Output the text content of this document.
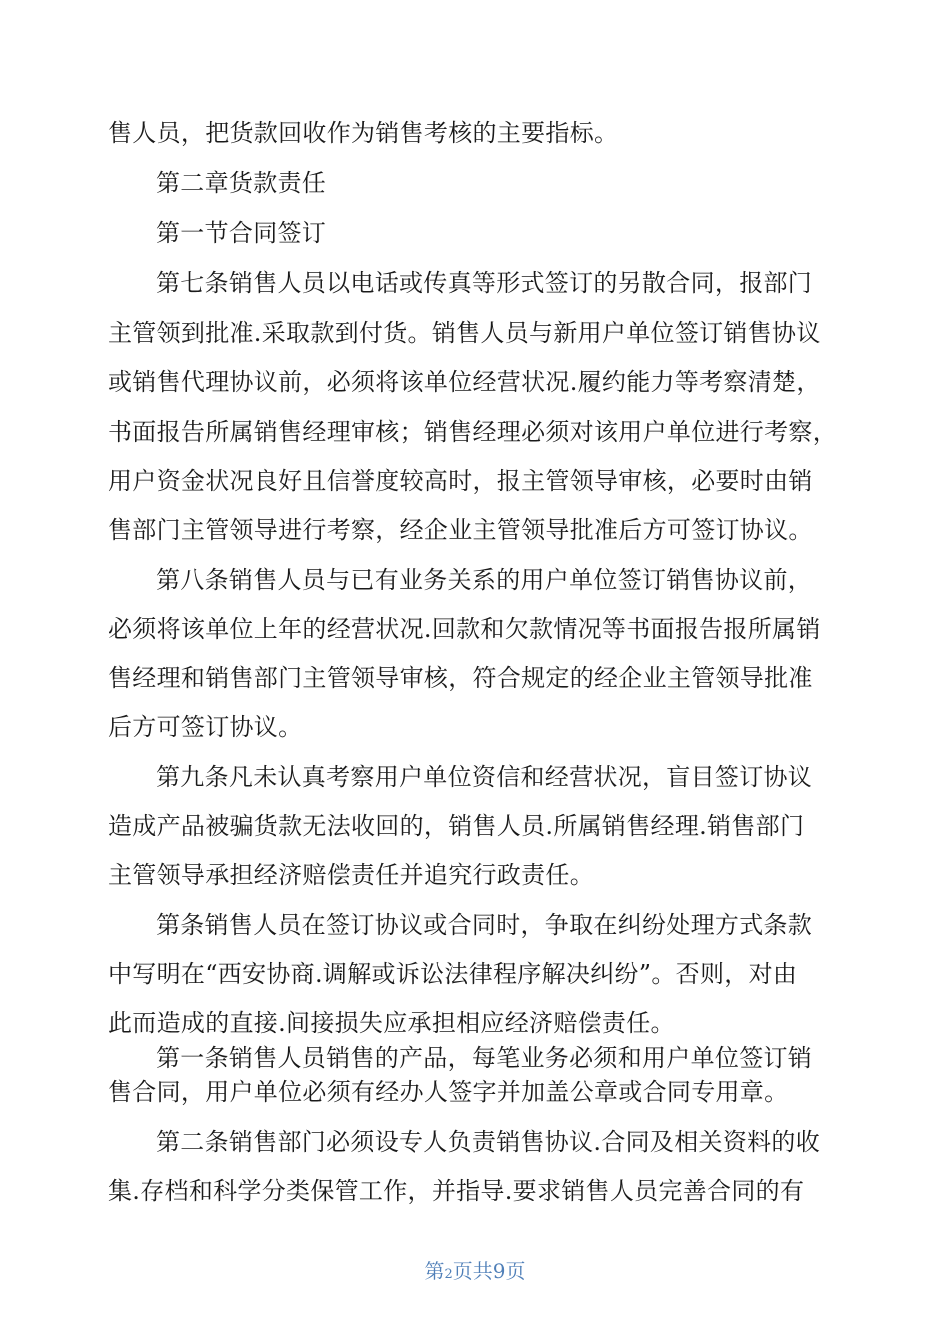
售人员，把货款回收作为销售考核的主要指标。
第二章货款责任
第一节合同签订
第七条销售人员以电话或传真等形式签订的另散合同，报部门
主管领到批准.采取款到付货。销售人员与新用户单位签订销售协议
或销售代理协议前，必须将该单位经营状况.履约能力等考察清楚，
书面报告所属销售经理审核；销售经理必须对该用户单位进行考察，
用户资金状况良好且信誉度较高时，报主管领导审核，必要时由销
售部门主管领导进行考察，经企业主管领导批准后方可签订协议。
第八条销售人员与已有业务关系的用户单位签订销售协议前，
必须将该单位上年的经营状况.回款和欠款情况等书面报告报所属销
售经理和销售部门主管领导审核，符合规定的经企业主管领导批准
后方可签订协议。
第九条凡未认真考察用户单位资信和经营状况，盲目签订协议
造成产品被骗货款无法收回的，销售人员.所属销售经理.销售部门
主管领导承担经济赔偿责任并追究行政责任。
第条销售人员在签订协议或合同时，争取在纠纷处理方式条款
中写明在“西安协商.调解或诉讼法律程序解决纠纷”。否则，对由
此而造成的直接.间接损失应承担相应经济赔偿责任。
第一条销售人员销售的产品，每笔业务必须和用户单位签订销
售合同，用户单位必须有经办人签字并加盖公章或合同专用章。
第二条销售部门必须设专人负责销售协议.合同及相关资料的收
集.存档和科学分类保管工作，并指导.要求销售人员完善合同的有
第2页共9页
